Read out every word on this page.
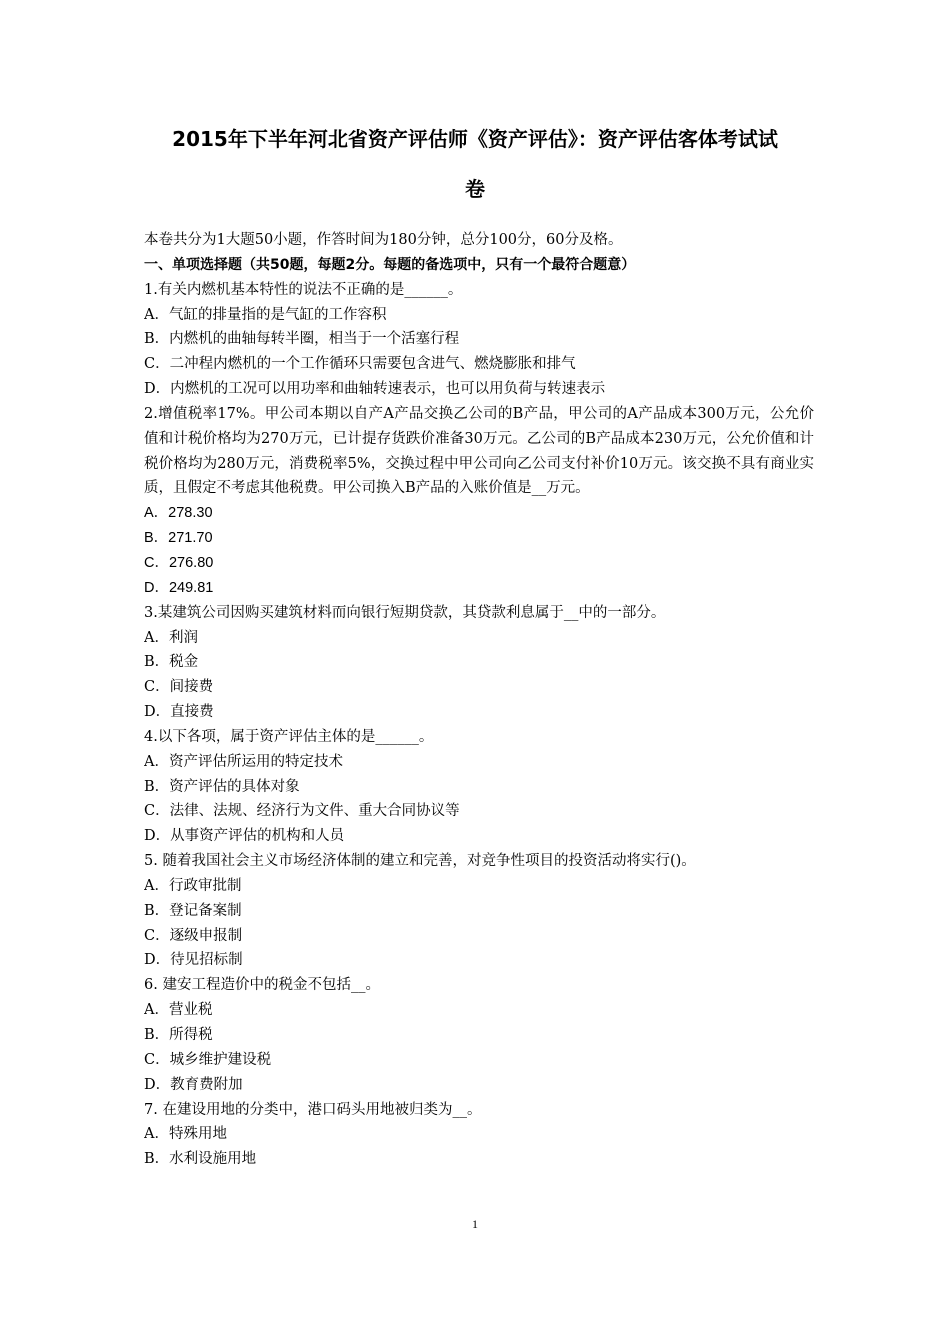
2015年下半年河北省资产评估师《资产评估》：资产评估客体考试试
卷
本卷共分为1大题50小题，作答时间为180分钟，总分100分，60分及格。
一、单项选择题（共50题，每题2分。每题的备选项中，只有一个最符合题意）
1.有关内燃机基本特性的说法不正确的是______。
A．气缸的排量指的是气缸的工作容积
B．内燃机的曲轴每转半圈，相当于一个活塞行程
C．二冲程内燃机的一个工作循环只需要包含进气、燃烧膨胀和排气
D．内燃机的工况可以用功率和曲轴转速表示，也可以用负荷与转速表示
2.增值税率17%。甲公司本期以自产A产品交换乙公司的B产品，甲公司的A产品成本300万元，公允价值和计税价格均为270万元，已计提存货跌价准备30万元。乙公司的B产品成本230万元，公允价值和计税价格均为280万元，消费税率5%，交换过程中甲公司向乙公司支付补价10万元。该交换不具有商业实质，且假定不考虑其他税费。甲公司换入B产品的入账价值是__万元。
A．278.30
B．271.70
C．276.80
D．249.81
3.某建筑公司因购买建筑材料而向银行短期贷款，其贷款利息属于__中的一部分。
A．利润
B．税金
C．间接费
D．直接费
4.以下各项，属于资产评估主体的是______。
A．资产评估所运用的特定技术
B．资产评估的具体对象
C．法律、法规、经济行为文件、重大合同协议等
D．从事资产评估的机构和人员
5. 随着我国社会主义市场经济体制的建立和完善，对竞争性项目的投资活动将实行()。
A．行政审批制
B．登记备案制
C．逐级申报制
D．待见招标制
6. 建安工程造价中的税金不包括__。
A．营业税
B．所得税
C．城乡维护建设税
D．教育费附加
7. 在建设用地的分类中，港口码头用地被归类为__。
A．特殊用地
B．水利设施用地
1
